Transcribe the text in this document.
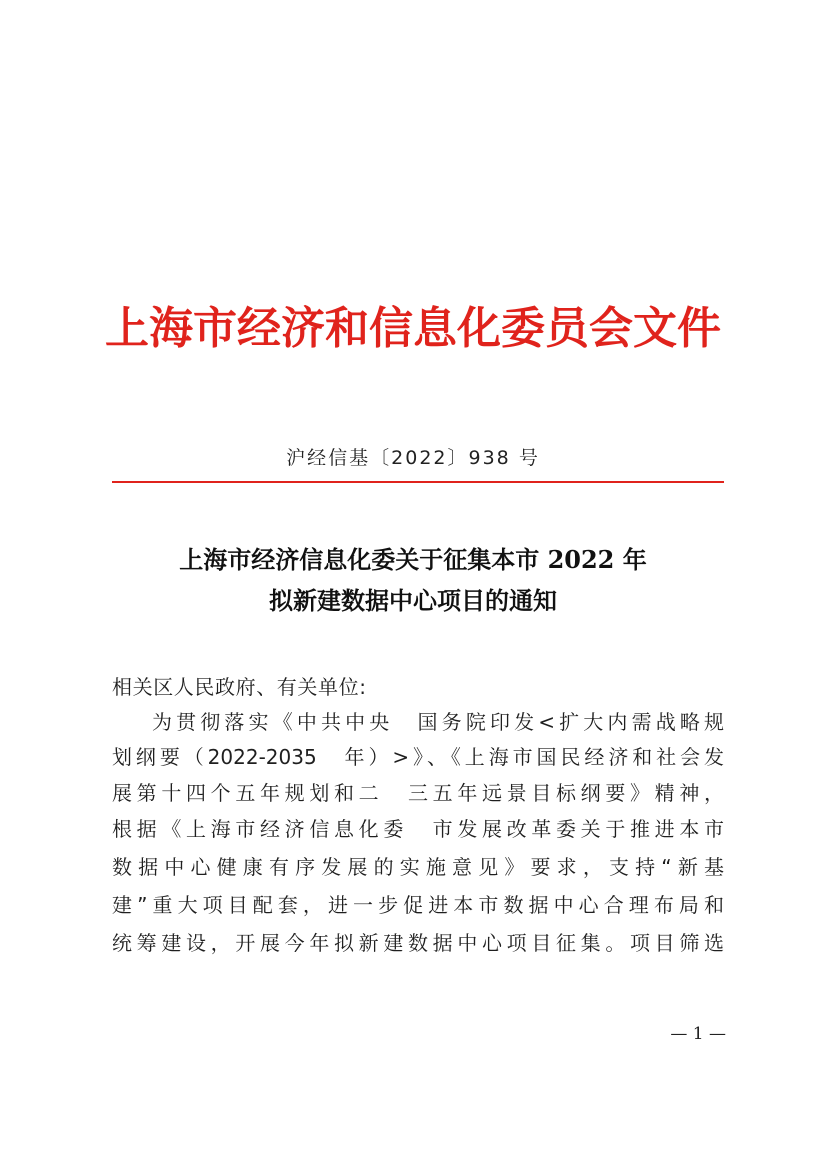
上海市经济和信息化委员会文件
沪经信基〔2022〕938 号
上海市经济信息化委关于征集本市 2022 年
拟新建数据中心项目的通知
相关区人民政府、有关单位:
为贯彻落实《中共中央　国务院印发<扩大内需战略规
划纲要（2022-2035　年）>》、《上海市国民经济和社会发
展第十四个五年规划和二　三五年远景目标纲要》精神，
根据《上海市经济信息化委　市发展改革委关于推进本市
数据中心健康有序发展的实施意见》要求，支持“新基
建”重大项目配套，进一步促进本市数据中心合理布局和
统筹建设，开展今年拟新建数据中心项目征集。项目筛选
— 1 —
